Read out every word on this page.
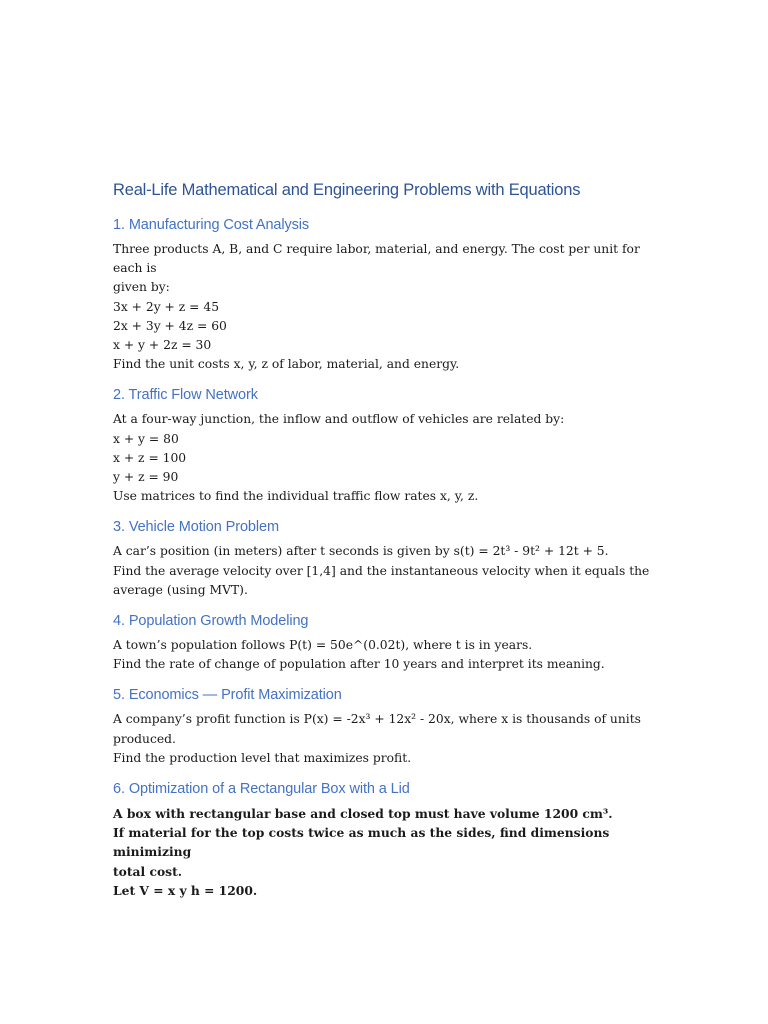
Real-Life Mathematical and Engineering Problems with Equations
1. Manufacturing Cost Analysis

Three products A, B, and C require labor, material, and energy. The cost per unit for each is

given by:

3x + 2y + z = 45

2x + 3y + 4z = 60

x + y + 2z = 30

Find the unit costs x, y, z of labor, material, and energy.

2. Traffic Flow Network

At a four-way junction, the inflow and outflow of vehicles are related by:

x + y = 80

x + z = 100

y + z = 90

Use matrices to find the individual traffic flow rates x, y, z.

3. Vehicle Motion Problem

A car’s position (in meters) after t seconds is given by s(t) = 2t³ - 9t² + 12t + 5.

Find the average velocity over [1,4] and the instantaneous velocity when it equals the

average (using MVT).

4. Population Growth Modeling

A town’s population follows P(t) = 50e^(0.02t), where t is in years.

Find the rate of change of population after 10 years and interpret its meaning.

5. Economics — Profit Maximization

A company’s profit function is P(x) = -2x³ + 12x² - 20x, where x is thousands of units

produced.

Find the production level that maximizes profit.

6. Optimization of a Rectangular Box with a Lid

A box with rectangular base and closed top must have volume 1200 cm³.

If material for the top costs twice as much as the sides, find dimensions minimizing

total cost.

Let V = x y h = 1200.
